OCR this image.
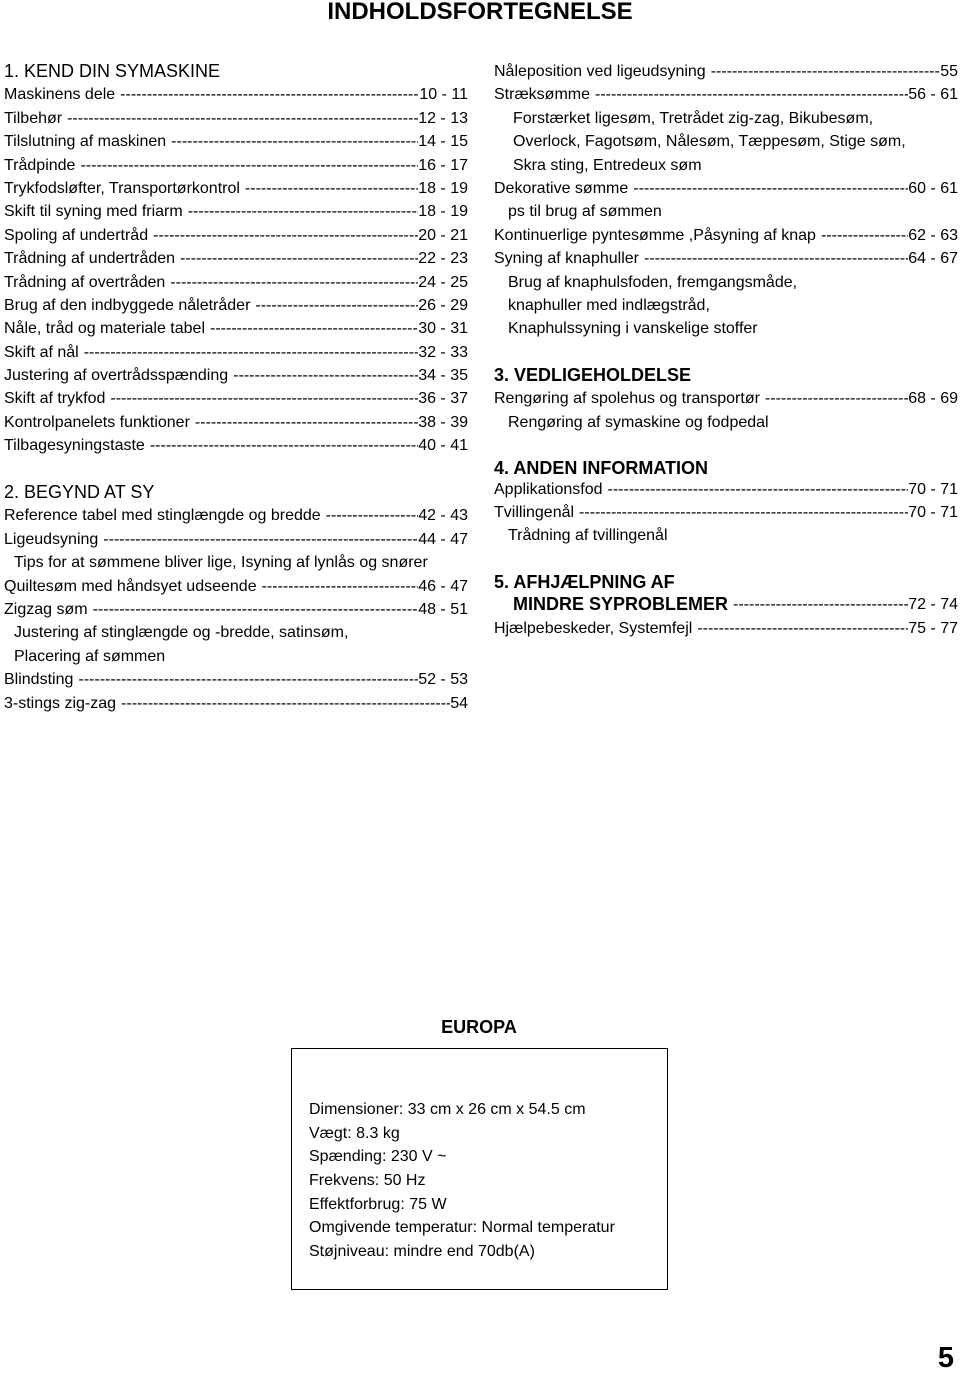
INDHOLDSFORTEGNELSE
1. KEND DIN SYMASKINE
Maskinens dele -----	10 - 11
Tilbehør -----	12 - 13
Tilslutning af maskinen -----	14 - 15
Trådpinde -----	16 - 17
Trykfodsløfter, Transportørkontrol -----	18 - 19
Skift til syning med friarm -----	18 - 19
Spoling af undertråd -----	20 - 21
Trådning af undertråden -----	22 - 23
Trådning af overtråden -----	24 - 25
Brug af den indbyggede nåletråder -----	26 - 29
Nåle, tråd og materiale tabel -----	30 - 31
Skift af nål -----	32 - 33
Justering af overtrådsspænding -----	34 - 35
Skift af trykfod -----	36 - 37
Kontrolpanelets funktioner -----	38 - 39
Tilbagesyningstaste -----	40 - 41
2. BEGYND AT SY
Reference tabel med stinglængde og bredde -----	42 - 43
Ligeudsyning -----	44 - 47
Tips for at sømmene bliver lige, Isyning af lynlås og snører
Quiltesøm med håndsyet udseende -----	46 - 47
Zigzag søm -----	48 - 51
Justering af stinglængde og -bredde, satinsøm,
Placering af sømmen
Blindsting -----	52 - 53
3-stings zig-zag -----	54
Nåleposition ved ligeudsyning -----	55
Stræksømme -----	56 - 61
Forstærket ligesøm, Tretrådet zig-zag, Bikubesøm,
Overlock, Fagotsøm, Nålesøm, Tæppesøm, Stige søm,
Skra sting, Entredeux søm
Dekorative sømme -----	60 - 61
ps til brug af sømmen
Kontinuerlige pyntesømme ,Påsyning af knap -----	62 - 63
Syning af knaphuller -----	64 - 67
Brug af knaphulsfoden, fremgangsmåde,
knaphuller med indlægstråd,
Knaphulssyning i vanskelige stoffer
3. VEDLIGEHOLDELSE
Rengøring af spolehus og transportør -----	68 - 69
Rengøring af symaskine og fodpedal
4. ANDEN INFORMATION
Applikationsfod -----	70 - 71
Tvillingenål -----	70 - 71
Trådning af tvillingenål
5. AFHJÆLPNING AF
MINDRE SYPROBLEMER -----	72 - 74
Hjælpebeskeder, Systemfejl -----	75 - 77
EUROPA
Dimensioner: 33 cm x 26 cm x 54.5 cm
Vægt: 8.3 kg
Spænding: 230 V ~
Frekvens: 50 Hz
Effektforbrug: 75 W
Omgivende temperatur: Normal temperatur
Støjniveau: mindre end 70db(A)
5
